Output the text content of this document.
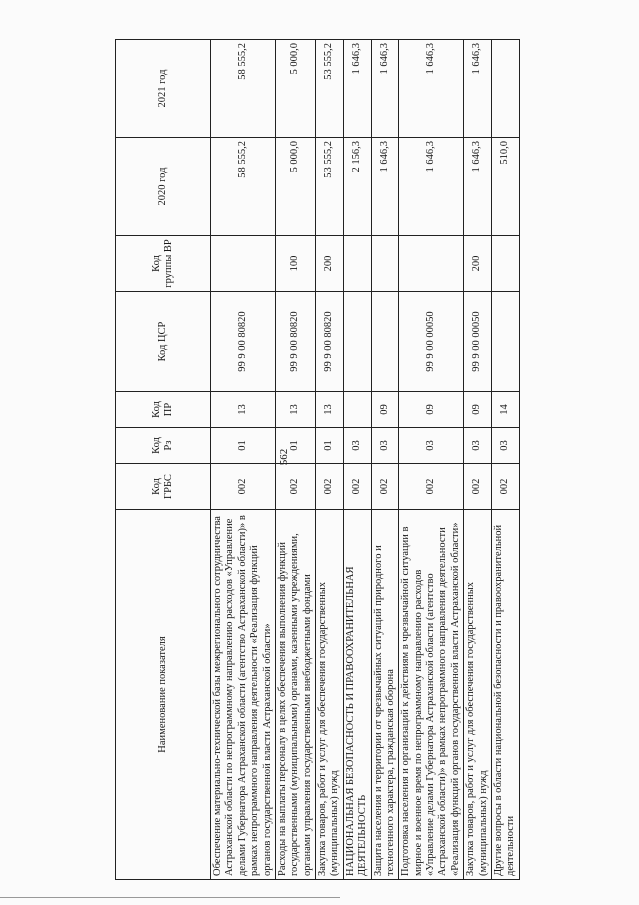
562
Наименование показателя	Код ГРБС	Код Рз	Код ПР	Код ЦСР	Код группы ВР	2020 год	2021 год
Обеспечение материально-технической базы межрегионального сотрудничества Астраханской области по непрограммному направлению расходов «Управление делами Губернатора Астраханской области (агентство Астраханской области)» в рамках непрограммного направления деятельности «Реализация функций органов государственной власти Астраханской области»	002	01	13	99 9 00 80820		58 555,2	58 555,2
Расходы на выплаты персоналу в целях обеспечения выполнения функций государственными (муниципальными) органами, казенными учреждениями, органами управления государственными внебюджетными фондами	002	01	13	99 9 00 80820	100	5 000,0	5 000,0
Закупка товаров, работ и услуг для обеспечения государственных (муниципальных) нужд	002	01	13	99 9 00 80820	200	53 555,2	53 555,2
НАЦИОНАЛЬНАЯ БЕЗОПАСНОСТЬ И ПРАВООХРАНИТЕЛЬНАЯ ДЕЯТЕЛЬНОСТЬ	002	03				2 156,3	1 646,3
Защита населения и территории от чрезвычайных ситуаций природного и техногенного характера, гражданская оборона	002	03	09			1 646,3	1 646,3
Подготовка населения и организаций к действиям в чрезвычайной ситуации в мирное и военное время по непрограммному направлению расходов «Управление делами Губернатора Астраханской области (агентство Астраханской области)» в рамках непрограммного направления деятельности «Реализация функций органов государственной власти Астраханской области»	002	03	09	99 9 00 00050		1 646,3	1 646,3
Закупка товаров, работ и услуг для обеспечения государственных (муниципальных) нужд	002	03	09	99 9 00 00050	200	1 646,3	1 646,3
Другие вопросы в области национальной безопасности и правоохранительной деятельности	002	03	14			510,0	
